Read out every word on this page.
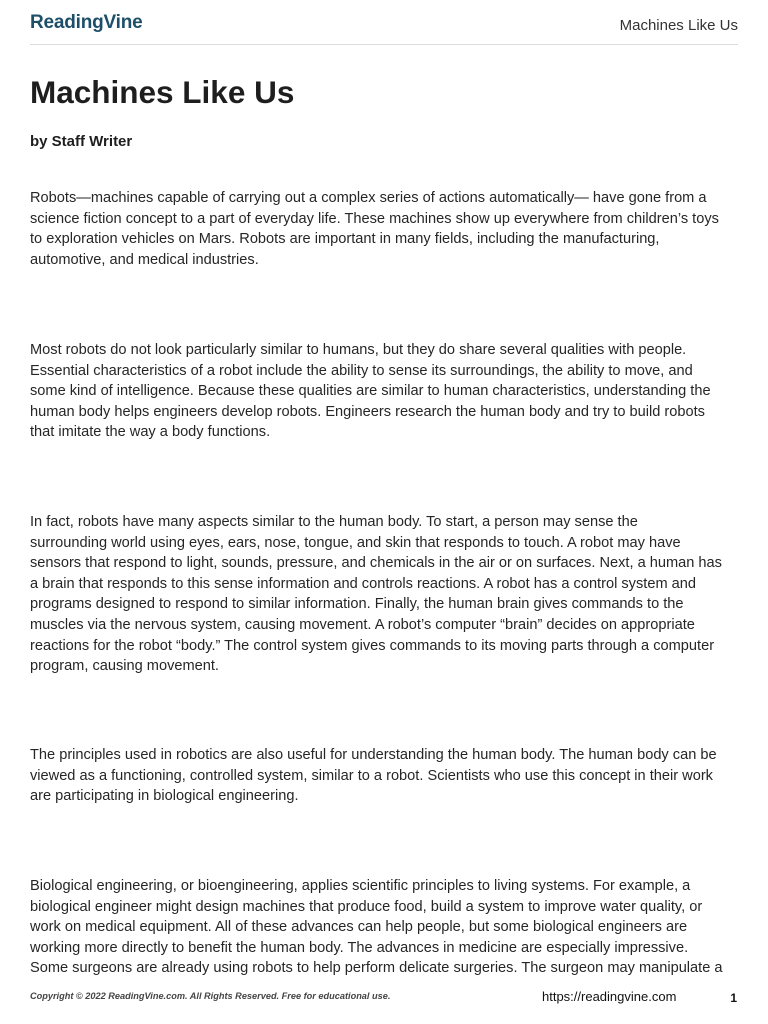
ReadingVine	Machines Like Us
Machines Like Us
by Staff Writer
Robots—machines capable of carrying out a complex series of actions automatically— have gone from a
science fiction concept to a part of everyday life. These machines show up everywhere from children’s toys
to exploration vehicles on Mars. Robots are important in many fields, including the manufacturing,
automotive, and medical industries.
Most robots do not look particularly similar to humans, but they do share several qualities with people.
Essential characteristics of a robot include the ability to sense its surroundings, the ability to move, and
some kind of intelligence. Because these qualities are similar to human characteristics, understanding the
human body helps engineers develop robots. Engineers research the human body and try to build robots
that imitate the way a body functions.
In fact, robots have many aspects similar to the human body. To start, a person may sense the
surrounding world using eyes, ears, nose, tongue, and skin that responds to touch. A robot may have
sensors that respond to light, sounds, pressure, and chemicals in the air or on surfaces. Next, a human has
a brain that responds to this sense information and controls reactions. A robot has a control system and
programs designed to respond to similar information. Finally, the human brain gives commands to the
muscles via the nervous system, causing movement. A robot’s computer “brain” decides on appropriate
reactions for the robot “body.” The control system gives commands to its moving parts through a computer
program, causing movement.
The principles used in robotics are also useful for understanding the human body. The human body can be
viewed as a functioning, controlled system, similar to a robot. Scientists who use this concept in their work
are participating in biological engineering.
Biological engineering, or bioengineering, applies scientific principles to living systems. For example, a
biological engineer might design machines that produce food, build a system to improve water quality, or
work on medical equipment. All of these advances can help people, but some biological engineers are
working more directly to benefit the human body. The advances in medicine are especially impressive.
Some surgeons are already using robots to help perform delicate surgeries. The surgeon may manipulate a
Copyright © 2022 ReadingVine.com. All Rights Reserved. Free for educational use.	https://readingvine.com	1
